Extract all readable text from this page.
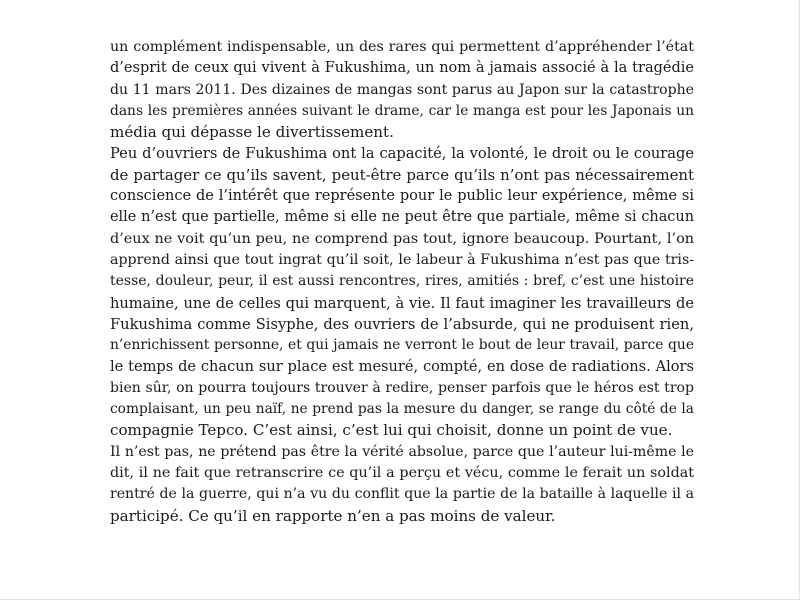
un complément indispensable, un des rares qui permettent d’appréhender l’état
d’esprit de ceux qui vivent à Fukushima, un nom à jamais associé à la tragédie
du 11 mars 2011. Des dizaines de mangas sont parus au Japon sur la catastrophe
dans les premières années suivant le drame, car le manga est pour les Japonais un
média qui dépasse le divertissement.
Peu d’ouvriers de Fukushima ont la capacité, la volonté, le droit ou le courage
de partager ce qu’ils savent, peut-être parce qu’ils n’ont pas nécessairement
conscience de l’intérêt que représente pour le public leur expérience, même si
elle n’est que partielle, même si elle ne peut être que partiale, même si chacun
d’eux ne voit qu’un peu, ne comprend pas tout, ignore beaucoup. Pourtant, l’on
apprend ainsi que tout ingrat qu’il soit, le labeur à Fukushima n’est pas que tris-
tesse, douleur, peur, il est aussi rencontres, rires, amitiés : bref, c’est une histoire
humaine, une de celles qui marquent, à vie. Il faut imaginer les travailleurs de
Fukushima comme Sisyphe, des ouvriers de l’absurde, qui ne produisent rien,
n’enrichissent personne, et qui jamais ne verront le bout de leur travail, parce que
le temps de chacun sur place est mesuré, compté, en dose de radiations. Alors
bien sûr, on pourra toujours trouver à redire, penser parfois que le héros est trop
complaisant, un peu naïf, ne prend pas la mesure du danger, se range du côté de la
compagnie Tepco. C’est ainsi, c’est lui qui choisit, donne un point de vue.
Il n’est pas, ne prétend pas être la vérité absolue, parce que l’auteur lui-même le
dit, il ne fait que retranscrire ce qu’il a perçu et vécu, comme le ferait un soldat
rentré de la guerre, qui n’a vu du conflit que la partie de la bataille à laquelle il a
participé. Ce qu’il en rapporte n’en a pas moins de valeur.
